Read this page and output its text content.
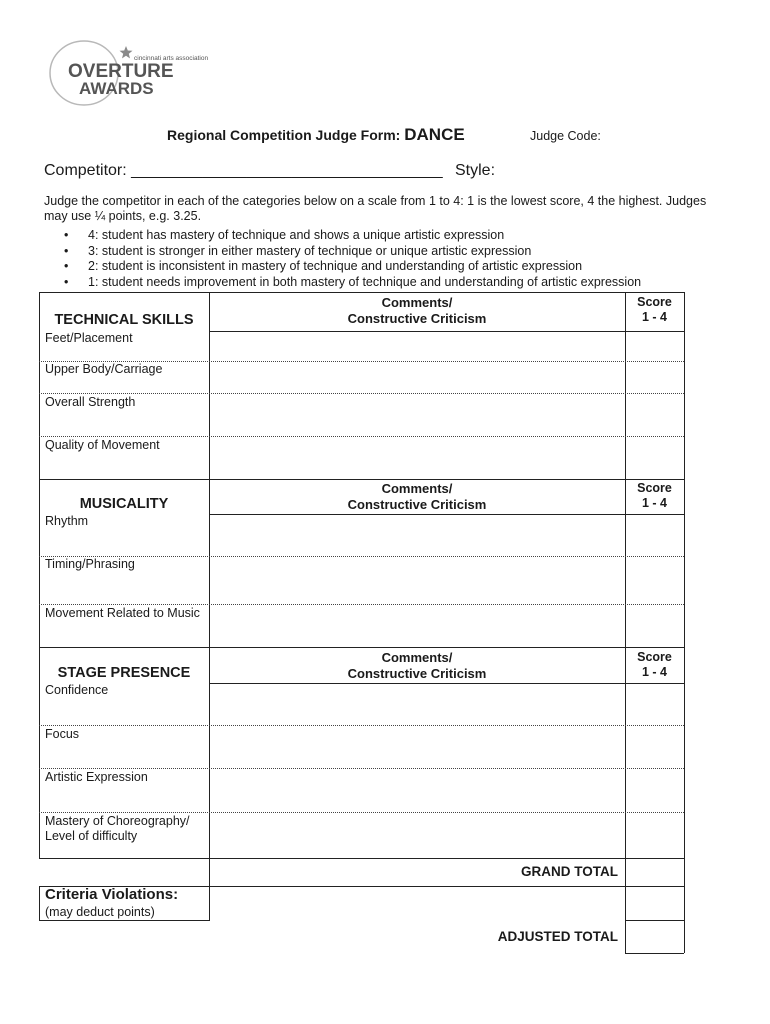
cincinnati arts association
OVERTURE
AWARDS
Regional Competition Judge Form: DANCE	Judge Code:
Competitor: ___________________________________ Style:
Judge the competitor in each of the categories below on a scale from 1 to 4: 1 is the lowest score, 4 the highest. Judges may use ¼ points, e.g. 3.25.
• 4: student has mastery of technique and shows a unique artistic expression
• 3: student is stronger in either mastery of technique or unique artistic expression
• 2: student is inconsistent in mastery of technique and understanding of artistic expression
• 1: student needs improvement in both mastery of technique and understanding of artistic expression
TECHNICAL SKILLS
Comments/
Constructive Criticism
Score
1 - 4
Feet/Placement
Upper Body/Carriage
Overall Strength
Quality of Movement
MUSICALITY
Comments/
Constructive Criticism
Score
1 - 4
Rhythm
Timing/Phrasing
Movement Related to Music
STAGE PRESENCE
Comments/
Constructive Criticism
Score
1 - 4
Confidence
Focus
Artistic Expression
Mastery of Choreography/ Level of difficulty
GRAND TOTAL
Criteria Violations:
(may deduct points)
ADJUSTED TOTAL
